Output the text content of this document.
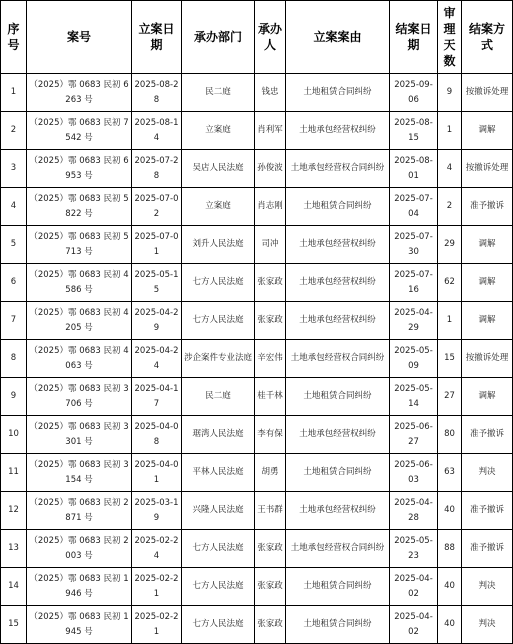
序号	案号	立案日期	承办部门	承办人	立案案由	结案日期	审理天数	结案方式
1	（2025）鄂 0683 民初 6263 号	2025-08-28	民二庭	钱忠	土地租赁合同纠纷	2025-09-06	9	按撤诉处理
2	（2025）鄂 0683 民初 7542 号	2025-08-14	立案庭	肖利军	土地承包经营权纠纷	2025-08-15	1	调解
3	（2025）鄂 0683 民初 6953 号	2025-07-28	吴店人民法庭	孙俊波	土地承包经营权合同纠纷	2025-08-01	4	按撤诉处理
4	（2025）鄂 0683 民初 5822 号	2025-07-02	立案庭	肖志刚	土地租赁合同纠纷	2025-07-04	2	准予撤诉
5	（2025）鄂 0683 民初 5713 号	2025-07-01	刘升人民法庭	司冲	土地承包经营权纠纷	2025-07-30	29	调解
6	（2025）鄂 0683 民初 4586 号	2025-05-15	七方人民法庭	张家政	土地承包经营权纠纷	2025-07-16	62	调解
7	（2025）鄂 0683 民初 4205 号	2025-04-29	七方人民法庭	张家政	土地承包经营权纠纷	2025-04-29	1	调解
8	（2025）鄂 0683 民初 4063 号	2025-04-24	涉企案件专业法庭	辛宏伟	土地承包经营权合同纠纷	2025-05-09	15	按撤诉处理
9	（2025）鄂 0683 民初 3706 号	2025-04-17	民二庭	桂千林	土地租赁合同纠纷	2025-05-14	27	调解
10	（2025）鄂 0683 民初 3301 号	2025-04-08	琚湾人民法庭	李有保	土地承包经营权纠纷	2025-06-27	80	准予撤诉
11	（2025）鄂 0683 民初 3154 号	2025-04-01	平林人民法庭	胡勇	土地租赁合同纠纷	2025-06-03	63	判决
12	（2025）鄂 0683 民初 2871 号	2025-03-19	兴隆人民法庭	王书群	土地承包经营权纠纷	2025-04-28	40	准予撤诉
13	（2025）鄂 0683 民初 2003 号	2025-02-24	七方人民法庭	张家政	土地承包经营权合同纠纷	2025-05-23	88	准予撤诉
14	（2025）鄂 0683 民初 1946 号	2025-02-21	七方人民法庭	张家政	土地租赁合同纠纷	2025-04-02	40	判决
15	（2025）鄂 0683 民初 1945 号	2025-02-21	七方人民法庭	张家政	土地租赁合同纠纷	2025-04-02	40	判决
